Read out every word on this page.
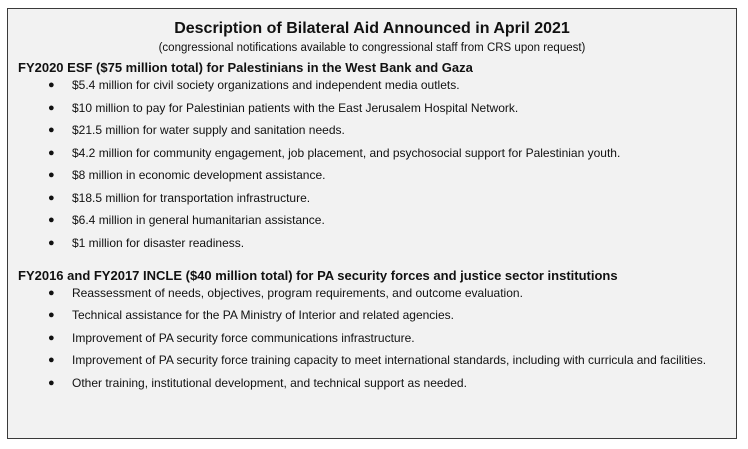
Description of Bilateral Aid Announced in April 2021
(congressional notifications available to congressional staff from CRS upon request)
FY2020 ESF ($75 million total) for Palestinians in the West Bank and Gaza
● $5.4 million for civil society organizations and independent media outlets.
● $10 million to pay for Palestinian patients with the East Jerusalem Hospital Network.
● $21.5 million for water supply and sanitation needs.
● $4.2 million for community engagement, job placement, and psychosocial support for Palestinian youth.
● $8 million in economic development assistance.
● $18.5 million for transportation infrastructure.
● $6.4 million in general humanitarian assistance.
● $1 million for disaster readiness.
FY2016 and FY2017 INCLE ($40 million total) for PA security forces and justice sector institutions
● Reassessment of needs, objectives, program requirements, and outcome evaluation.
● Technical assistance for the PA Ministry of Interior and related agencies.
● Improvement of PA security force communications infrastructure.
● Improvement of PA security force training capacity to meet international standards, including with curricula and facilities.
● Other training, institutional development, and technical support as needed.
